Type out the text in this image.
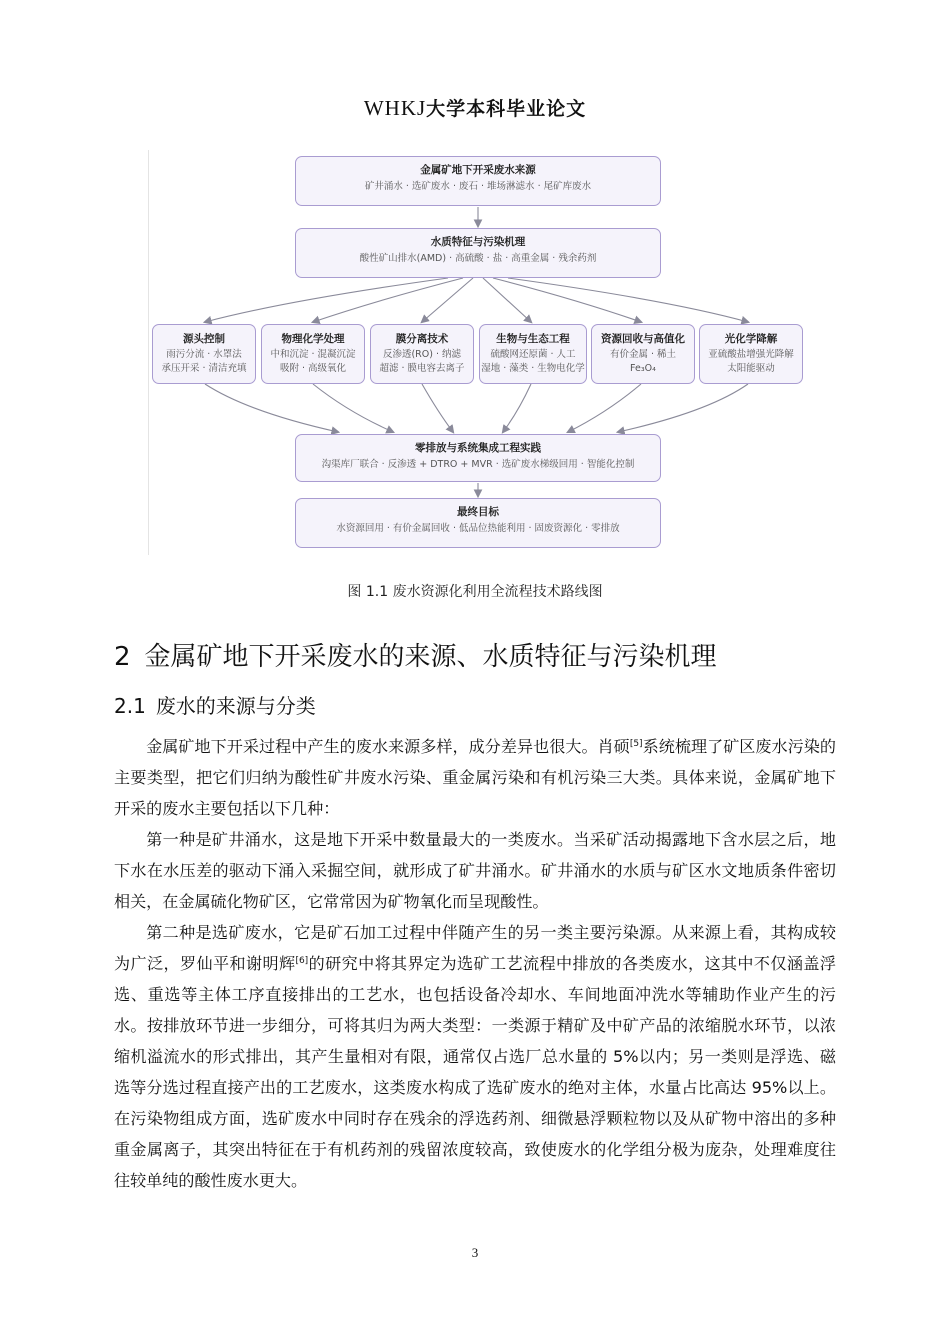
WHKJ大学本科毕业论文
金属矿地下开采废水来源
矿井涌水 · 选矿废水 · 废石 · 堆场淋滤水 · 尾矿库废水
水质特征与污染机理
酸性矿山排水(AMD) · 高硫酸 · 盐 · 高重金属 · 残余药剂
源头控制
雨污分流 · 水罩法
承压开采 · 清洁充填
物理化学处理
中和沉淀 · 混凝沉淀
吸附 · 高级氧化
膜分离技术
反渗透(RO) · 纳滤
超滤 · 膜电容去离子
生物与生态工程
硫酸网还原菌 · 人工
湿地 · 藻类 · 生物电化学
资源回收与高值化
有价金属 · 稀土
Fe₃O₄
光化学降解
亚硫酸盐增强光降解
太阳能驱动
零排放与系统集成工程实践
沟渠库厂联合 · 反渗透 + DTRO + MVR · 选矿废水梯级回用 · 智能化控制
最终目标
水资源回用 · 有价金属回收 · 低品位热能利用 · 固废资源化 · 零排放
图 1.1 废水资源化利用全流程技术路线图
2 金属矿地下开采废水的来源、水质特征与污染机理
2.1 废水的来源与分类

金属矿地下开采过程中产生的废水来源多样，成分差异也很大。肖硕[5]系统梳理了矿区废水污染的主要类型，把它们归纳为酸性矿井废水污染、重金属污染和有机污染三大类。具体来说，金属矿地下开采的废水主要包括以下几种：

第一种是矿井涌水，这是地下开采中数量最大的一类废水。当采矿活动揭露地下含水层之后，地下水在水压差的驱动下涌入采掘空间，就形成了矿井涌水。矿井涌水的水质与矿区水文地质条件密切相关，在金属硫化物矿区，它常常因为矿物氧化而呈现酸性。

第二种是选矿废水，它是矿石加工过程中伴随产生的另一类主要污染源。从来源上看，其构成较为广泛，罗仙平和谢明辉[6]的研究中将其界定为选矿工艺流程中排放的各类废水，这其中不仅涵盖浮选、重选等主体工序直接排出的工艺水，也包括设备冷却水、车间地面冲洗水等辅助作业产生的污水。按排放环节进一步细分，可将其归为两大类型：一类源于精矿及中矿产品的浓缩脱水环节，以浓缩机溢流水的形式排出，其产生量相对有限，通常仅占选厂总水量的 5%以内；另一类则是浮选、磁选等分选过程直接产出的工艺废水，这类废水构成了选矿废水的绝对主体，水量占比高达 95%以上。在污染物组成方面，选矿废水中同时存在残余的浮选药剂、细微悬浮颗粒物以及从矿物中溶出的多种重金属离子，其突出特征在于有机药剂的残留浓度较高，致使废水的化学组分极为庞杂，处理难度往往较单纯的酸性废水更大。

3
